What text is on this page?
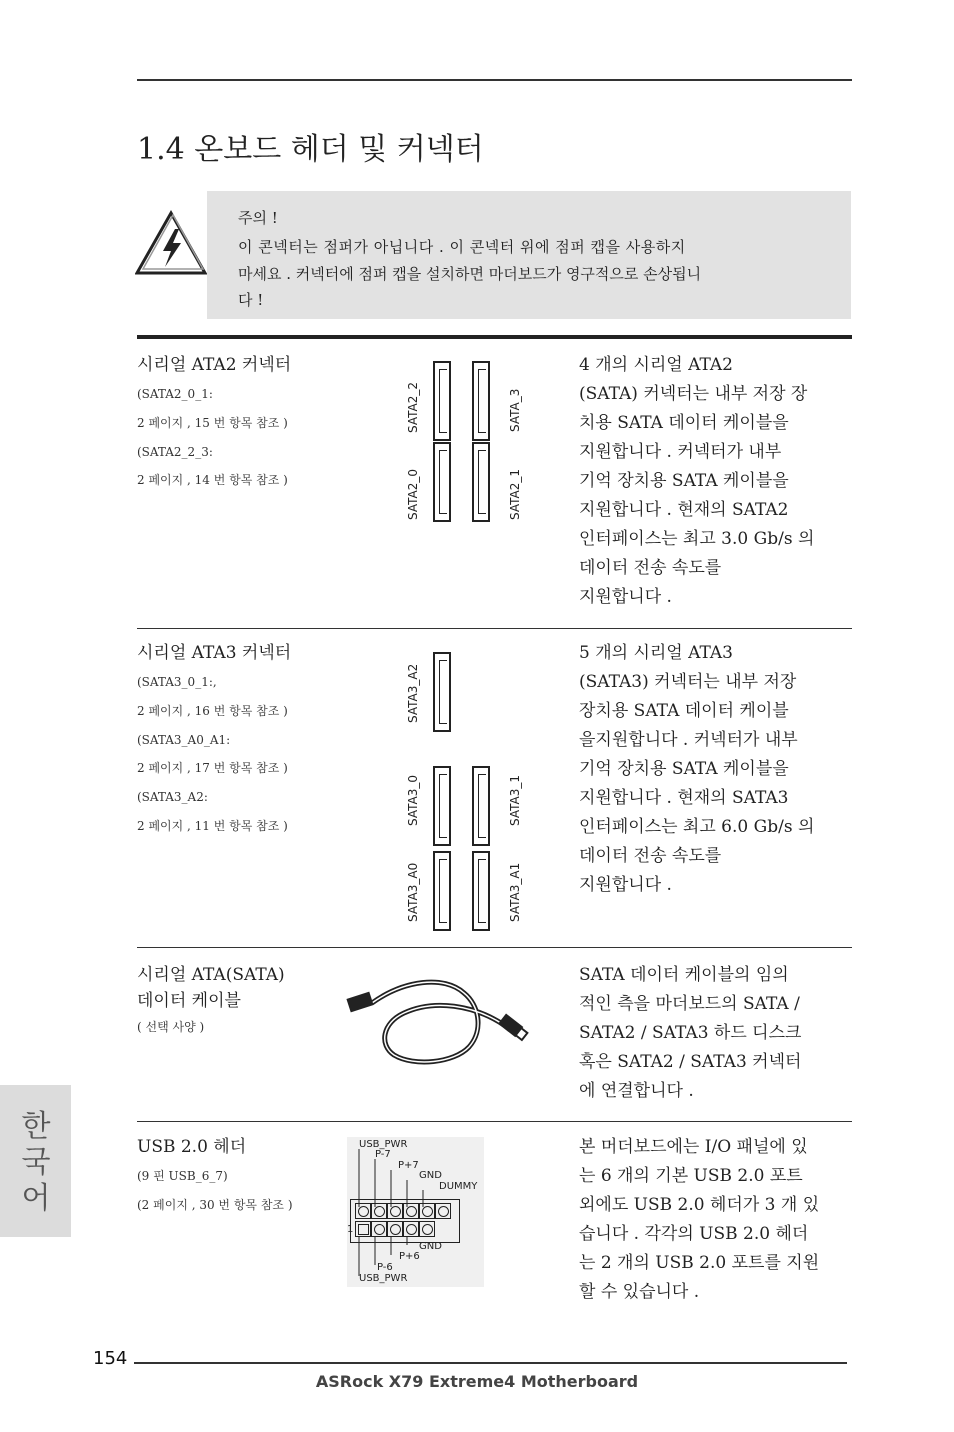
1.4 온보드 헤더 및 커넥터
주의 !
이 콘넥터는 점퍼가 아닙니다 . 이 콘넥터 위에 점퍼 캡을 사용하지
마세요 . 커넥터에 점퍼 캡을 설치하면 마더보드가 영구적으로 손상됩니
다 !
시리얼 ATA2 커넥터
(SATA2_0_1:
2 페이지 , 15 번 항목 참조 )
(SATA2_2_3:
2 페이지 , 14 번 항목 참조 )
SATA2_2	SATA_3
SATA2_0	SATA2_1
4 개의 시리얼 ATA2
(SATA) 커넥터는 내부 저장 장
치용 SATA 데이터 케이블을
지원합니다 . 커넥터가 내부
기억 장치용 SATA 케이블을
지원합니다 . 현재의 SATA2
인터페이스는 최고 3.0 Gb/s 의
데이터 전송 속도를
지원합니다 .
시리얼 ATA3 커넥터
(SATA3_0_1:,
2 페이지 , 16 번 항목 참조 )
(SATA3_A0_A1:
2 페이지 , 17 번 항목 참조 )
(SATA3_A2:
2 페이지 , 11 번 항목 참조 )
SATA3_A2
SATA3_0	SATA3_1
SATA3_A0	SATA3_A1
5 개의 시리얼 ATA3
(SATA3) 커넥터는 내부 저장
장치용 SATA 데이터 케이블
을지원합니다 . 커넥터가 내부
기억 장치용 SATA 케이블을
지원합니다 . 현재의 SATA3
인터페이스는 최고 6.0 Gb/s 의
데이터 전송 속도를
지원합니다 .
시리얼 ATA(SATA)
데이터 케이블
( 선택 사양 )
SATA 데이터 케이블의 임의
적인 측을 마더보드의 SATA /
SATA2 / SATA3 하드 디스크
혹은 SATA2 / SATA3 커넥터
에 연결합니다 .
USB 2.0 헤더
(9 핀 USB_6_7)
(2 페이지 , 30 번 항목 참조 )
USB_PWR
P-7
P+7
GND
DUMMY
1
GND
P+6
P-6
USB_PWR
본 머더보드에는 I/O 패널에 있
는 6 개의 기본 USB 2.0 포트
외에도 USB 2.0 헤더가 3 개 있
습니다 . 각각의 USB 2.0 헤더
는 2 개의 USB 2.0 포트를 지원
할 수 있습니다 .
한
국
어
154
ASRock X79 Extreme4 Motherboard
